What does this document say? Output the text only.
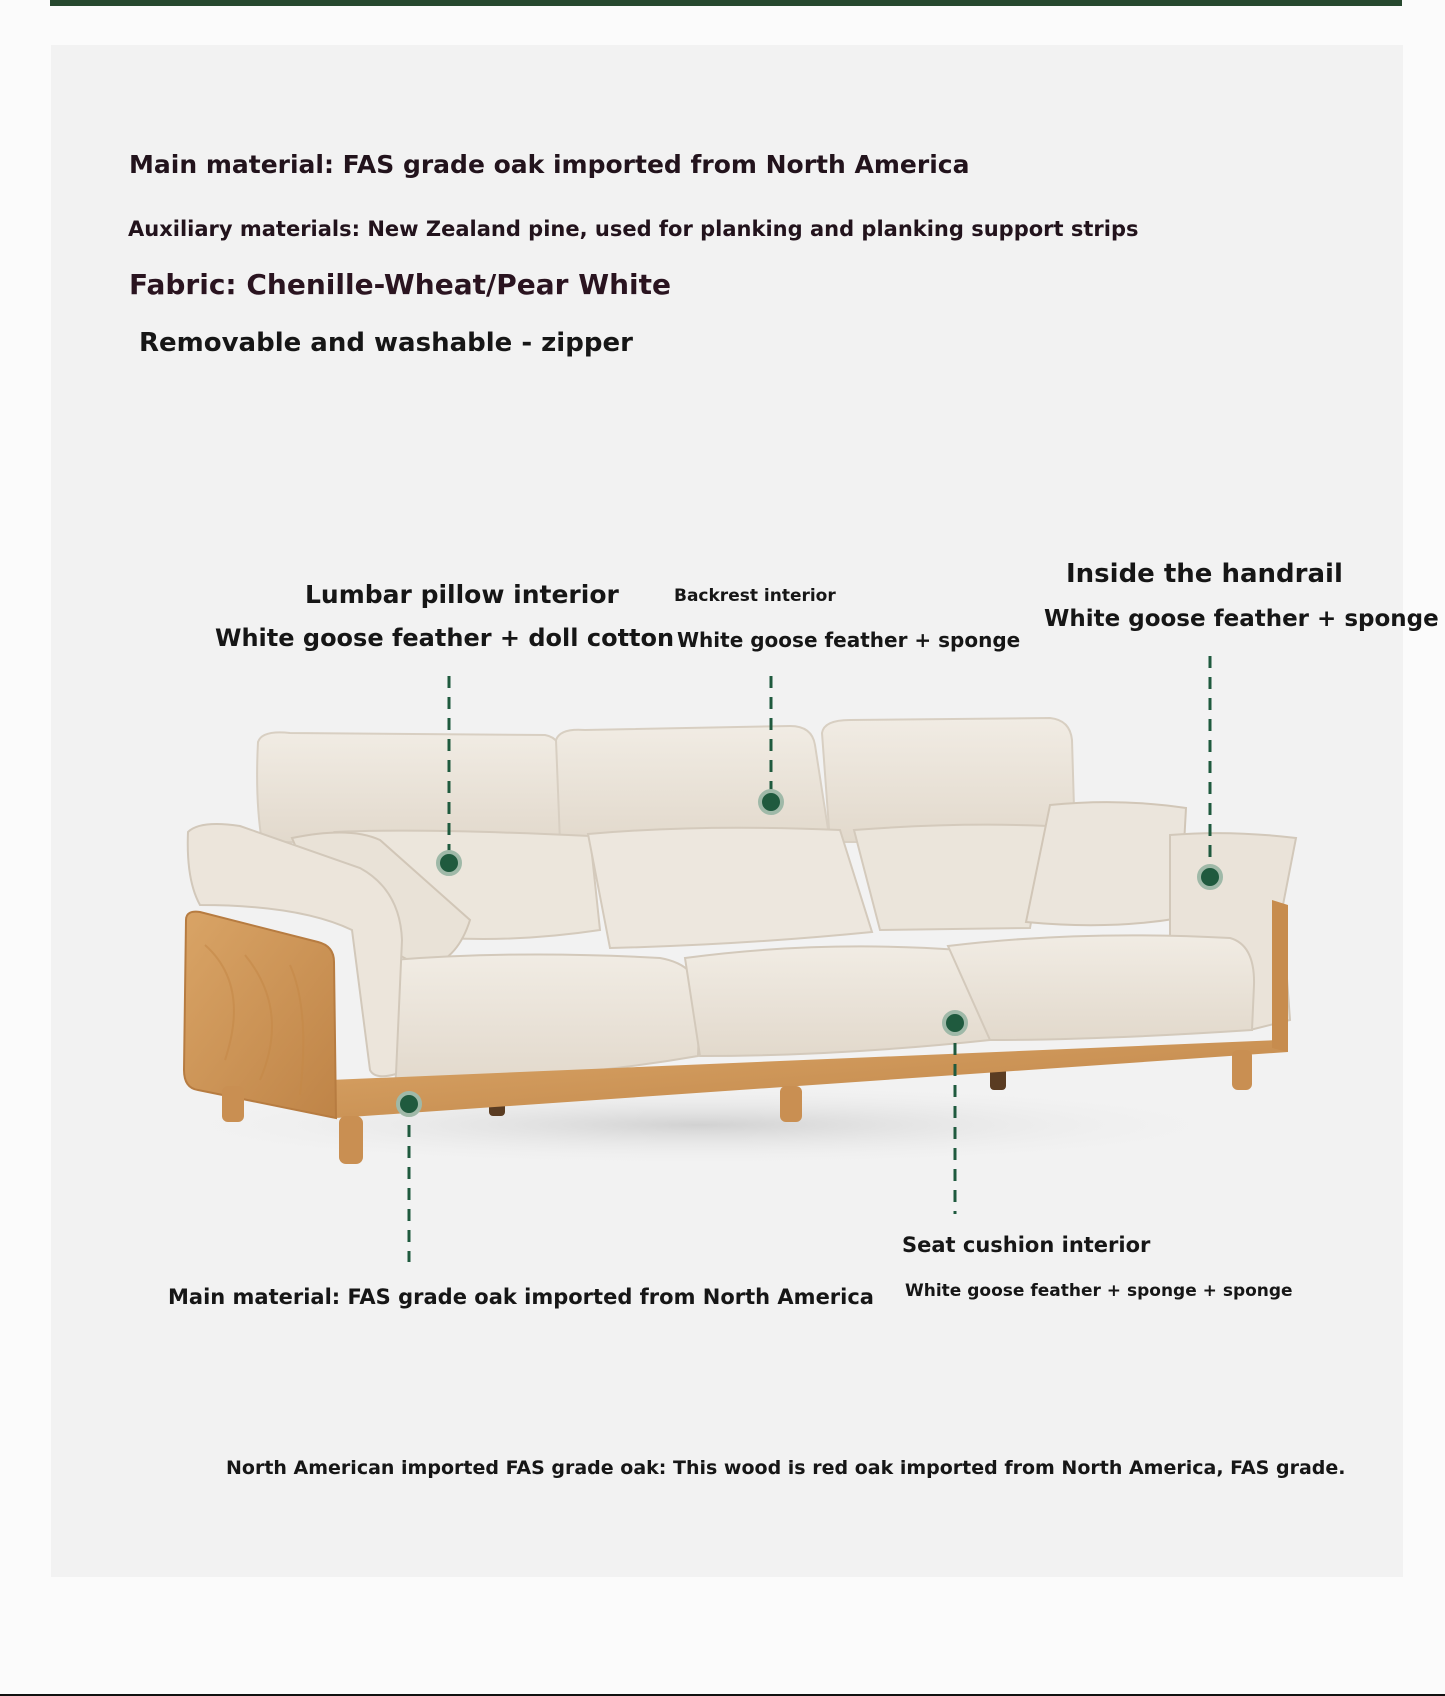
Main material: FAS grade oak imported from North America

Auxiliary materials: New Zealand pine, used for planking and planking support strips

Fabric: Chenille-Wheat/Pear White

Removable and washable - zipper

Lumbar pillow interior

White goose feather + doll cotton

Backrest interior

White goose feather + sponge

Inside the handrail

White goose feather + sponge

Seat cushion interior

White goose feather + sponge + sponge

Main material: FAS grade oak imported from North America

North American imported FAS grade oak: This wood is red oak imported from North America, FAS grade.
